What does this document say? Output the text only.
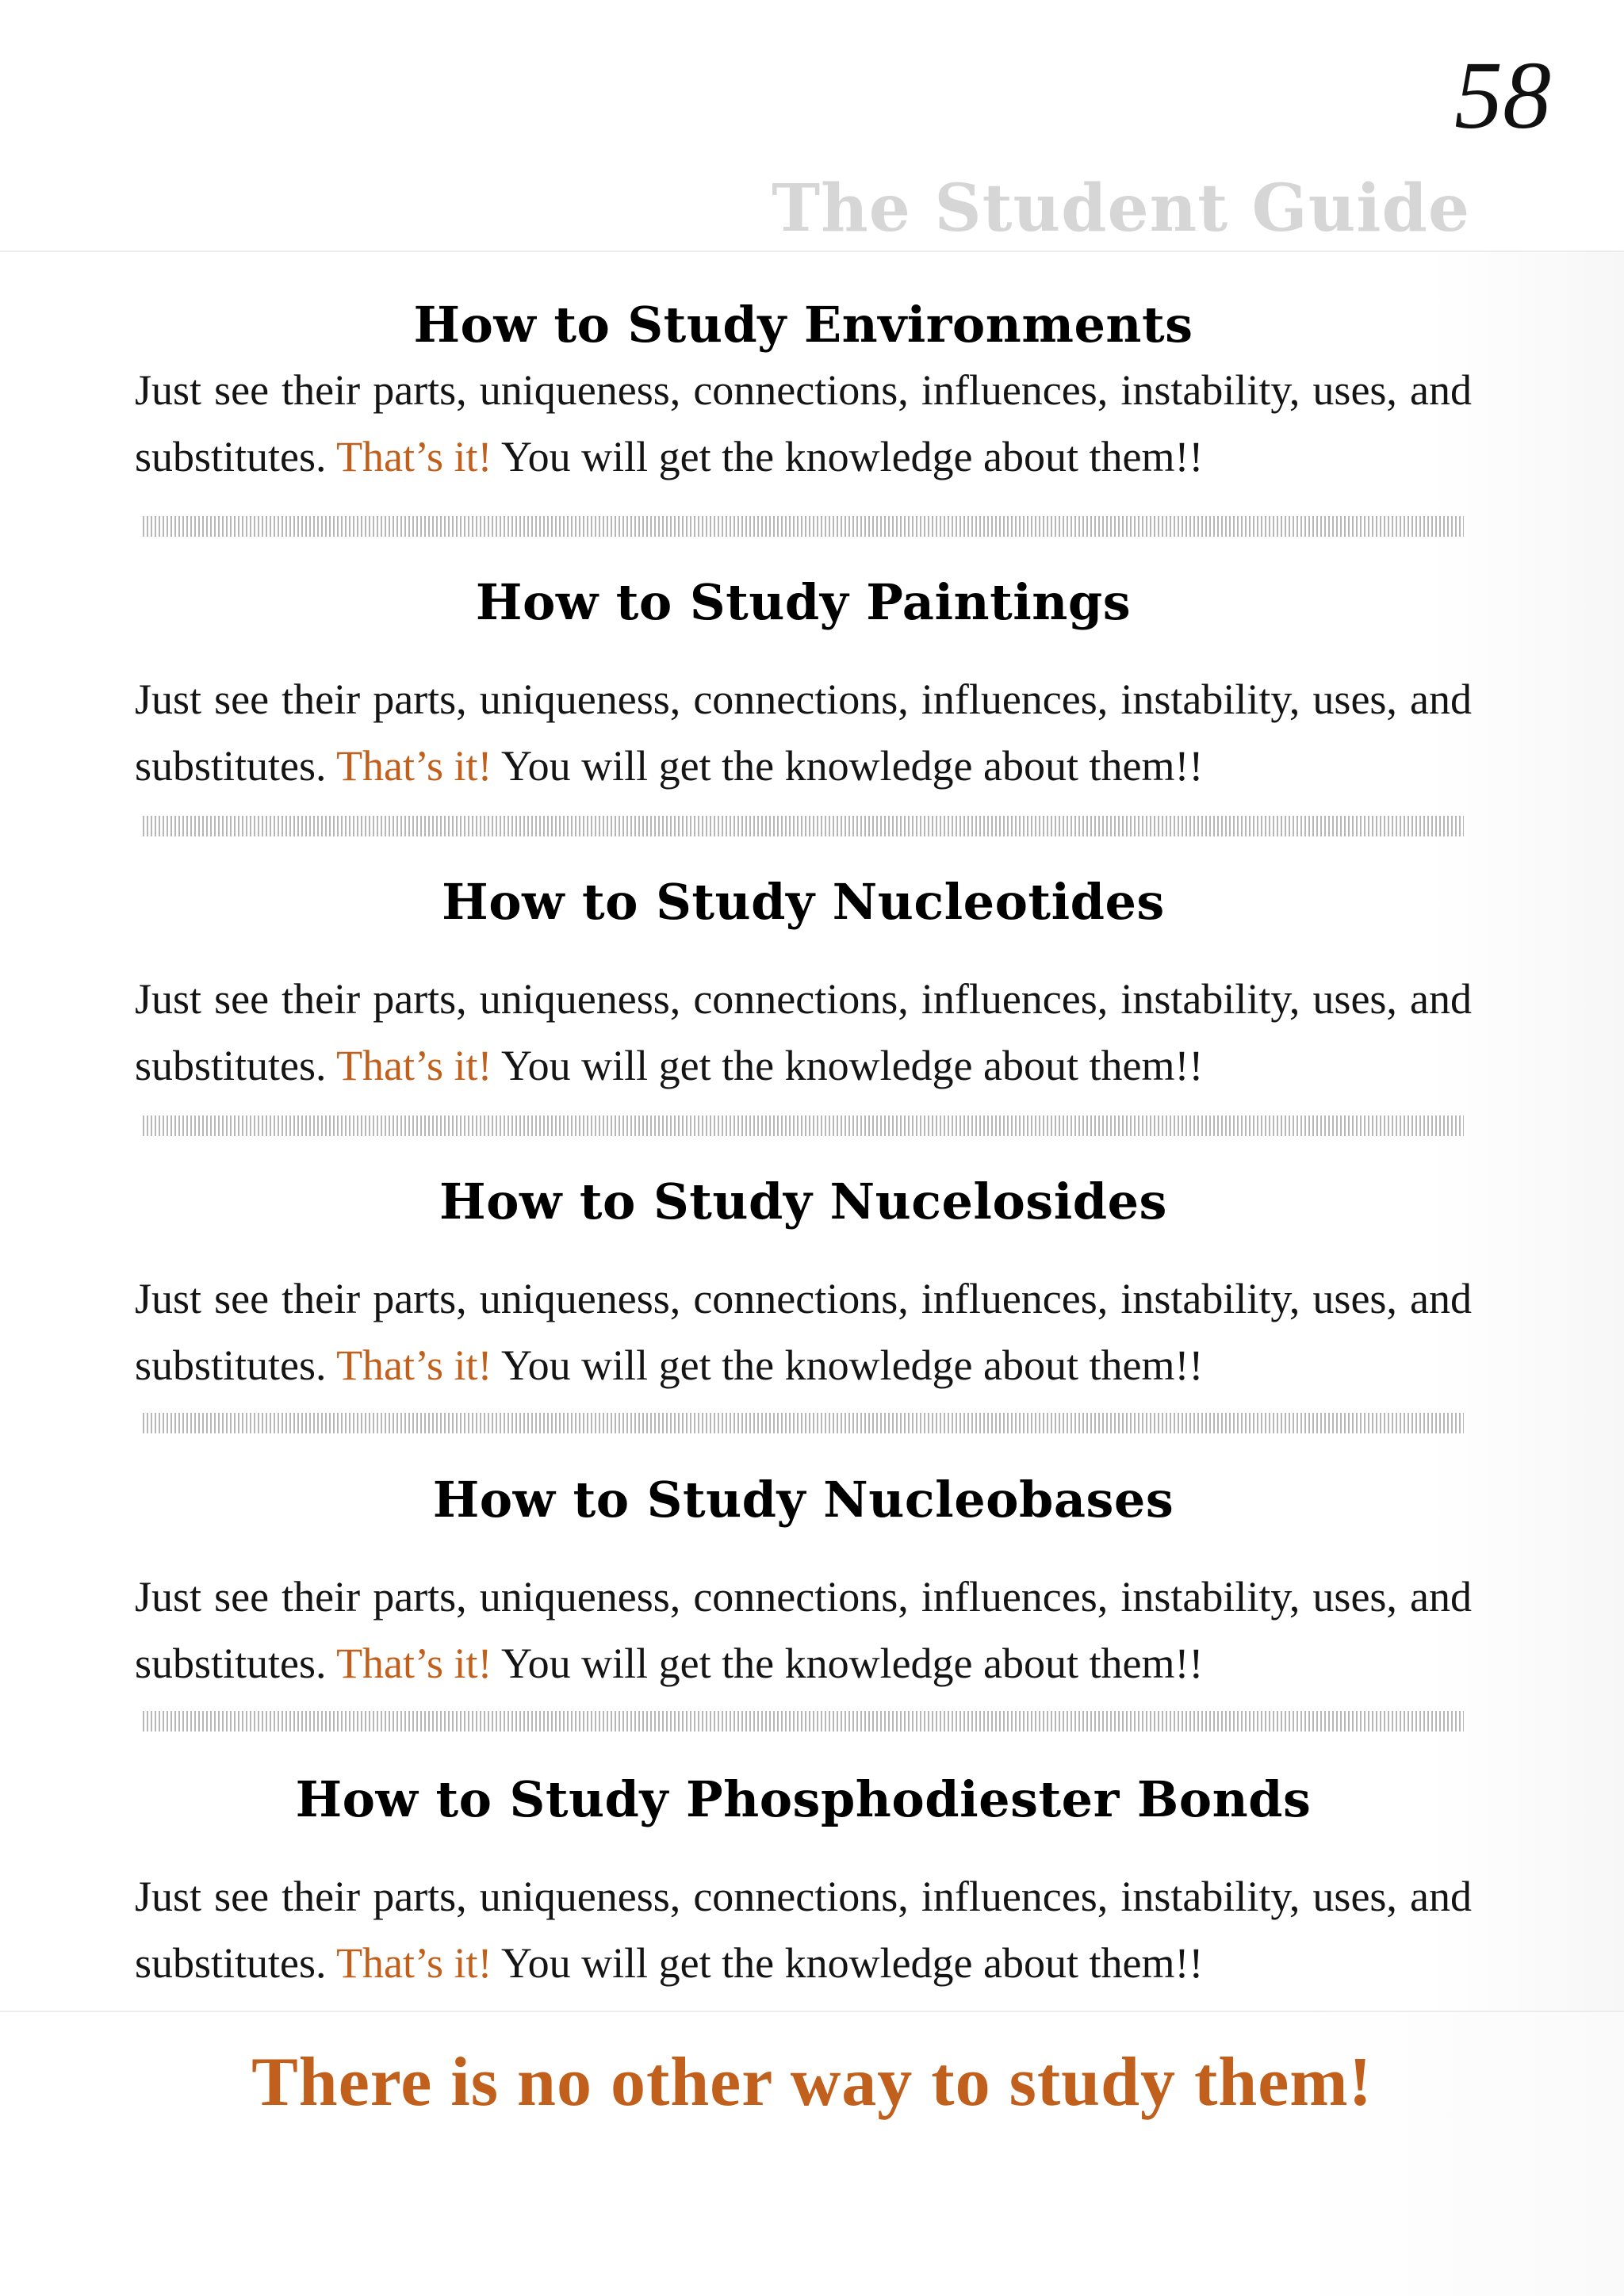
58
The Student Guide
How to Study Environments
Just see their parts, uniqueness, connections, influences, instability, uses, and substitutes. That’s it! You will get the knowledge about them!!
How to Study Paintings
Just see their parts, uniqueness, connections, influences, instability, uses, and substitutes. That’s it! You will get the knowledge about them!!
How to Study Nucleotides
Just see their parts, uniqueness, connections, influences, instability, uses, and substitutes. That’s it! You will get the knowledge about them!!
How to Study Nucelosides
Just see their parts, uniqueness, connections, influences, instability, uses, and substitutes. That’s it! You will get the knowledge about them!!
How to Study Nucleobases
Just see their parts, uniqueness, connections, influences, instability, uses, and substitutes. That’s it! You will get the knowledge about them!!
How to Study Phosphodiester Bonds
Just see their parts, uniqueness, connections, influences, instability, uses, and substitutes. That’s it! You will get the knowledge about them!!
There is no other way to study them!
